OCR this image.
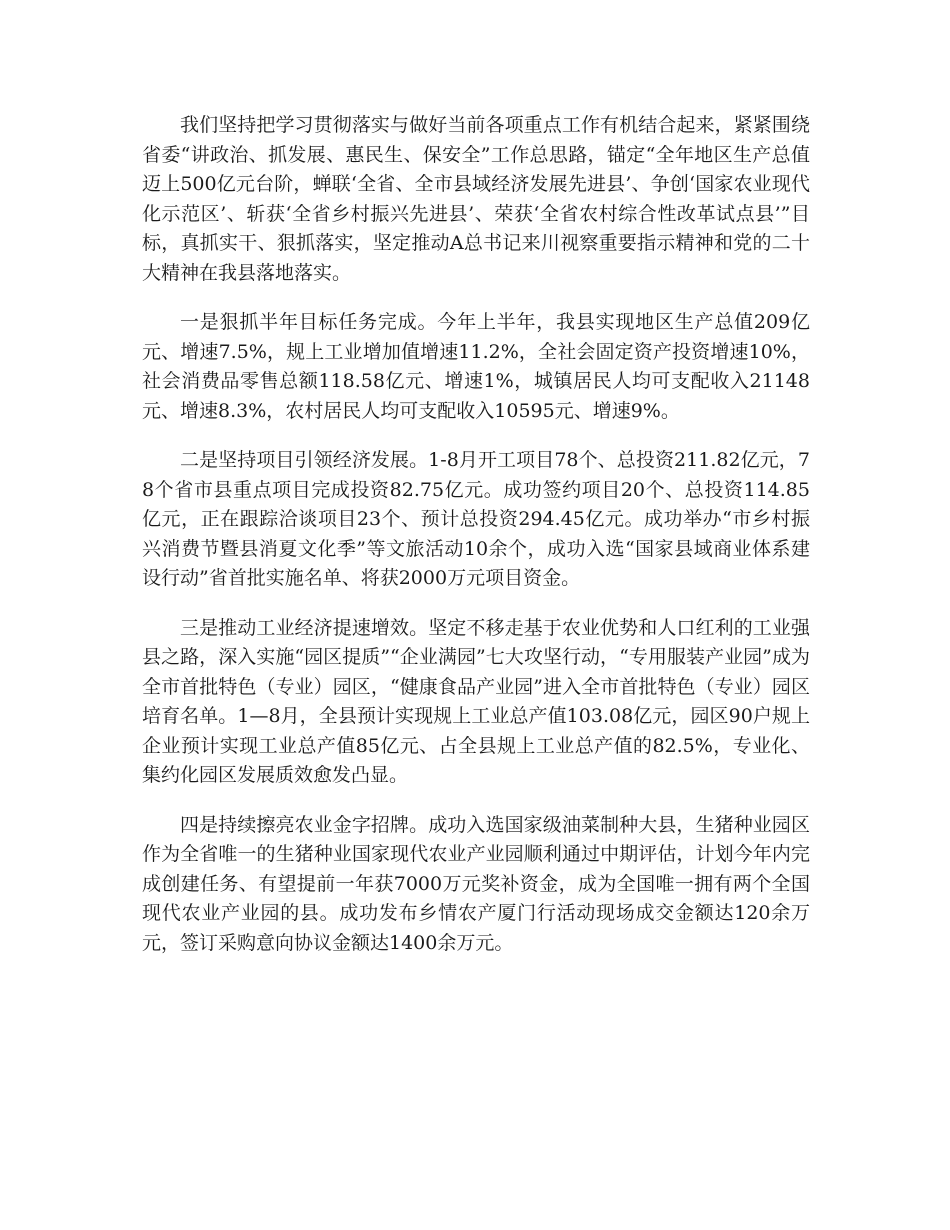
我们坚持把学习贯彻落实与做好当前各项重点工作有机结合起来，紧紧围绕省委“讲政治、抓发展、惠民生、保安全”工作总思路，锚定“全年地区生产总值迈上500亿元台阶，蝉联‘全省、全市县域经济发展先进县’、争创‘国家农业现代化示范区’、斩获‘全省乡村振兴先进县’、荣获‘全省农村综合性改革试点县’”目标，真抓实干、狠抓落实，坚定推动A总书记来川视察重要指示精神和党的二十大精神在我县落地落实。

一是狠抓半年目标任务完成。今年上半年，我县实现地区生产总值209亿元、增速7.5%，规上工业增加值增速11.2%，全社会固定资产投资增速10%，社会消费品零售总额118.58亿元、增速1%，城镇居民人均可支配收入21148元、增速8.3%，农村居民人均可支配收入10595元、增速9%。

二是坚持项目引领经济发展。1-8月开工项目78个、总投资211.82亿元，78个省市县重点项目完成投资82.75亿元。成功签约项目20个、总投资114.85亿元，正在跟踪洽谈项目23个、预计总投资294.45亿元。成功举办“市乡村振兴消费节暨县消夏文化季”等文旅活动10余个，成功入选“国家县域商业体系建设行动”省首批实施名单、将获2000万元项目资金。

三是推动工业经济提速增效。坚定不移走基于农业优势和人口红利的工业强县之路，深入实施“园区提质”“企业满园”七大攻坚行动，“专用服装产业园”成为全市首批特色（专业）园区，“健康食品产业园”进入全市首批特色（专业）园区培育名单。1—8月，全县预计实现规上工业总产值103.08亿元，园区90户规上企业预计实现工业总产值85亿元、占全县规上工业总产值的82.5%，专业化、集约化园区发展质效愈发凸显。

四是持续擦亮农业金字招牌。成功入选国家级油菜制种大县，生猪种业园区作为全省唯一的生猪种业国家现代农业产业园顺利通过中期评估，计划今年内完成创建任务、有望提前一年获7000万元奖补资金，成为全国唯一拥有两个全国现代农业产业园的县。成功发布乡情农产厦门行活动现场成交金额达120余万元，签订采购意向协议金额达1400余万元。
